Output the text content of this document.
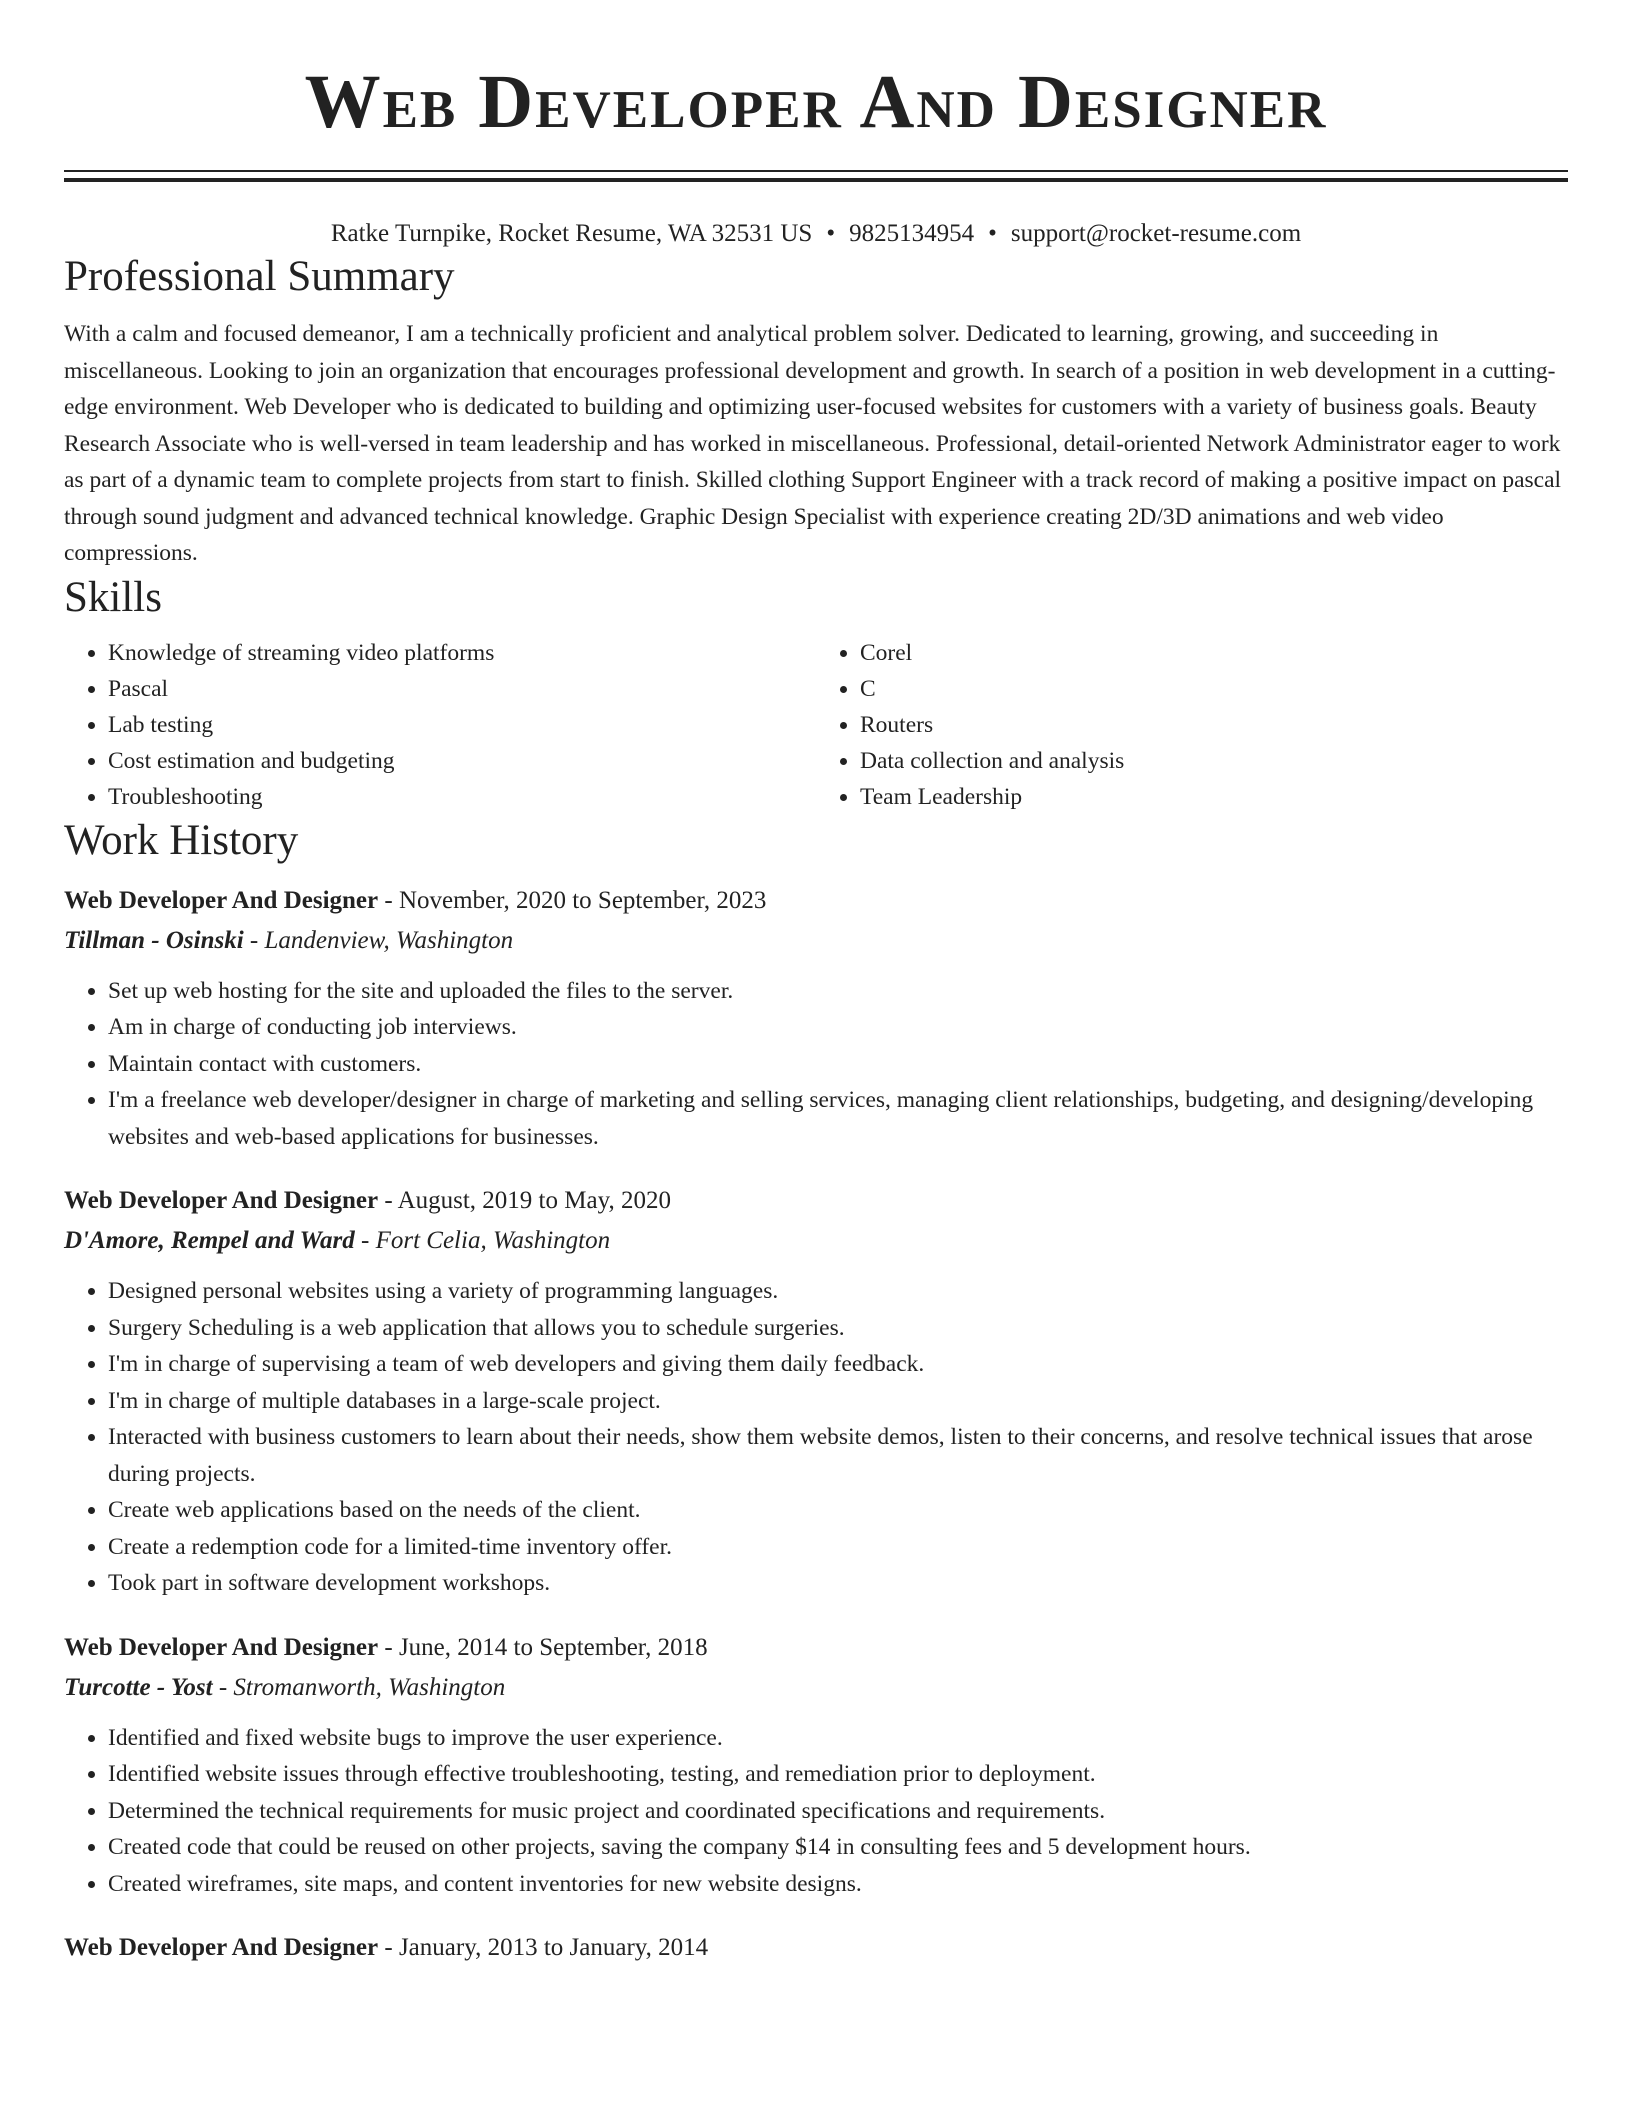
Web Developer And Designer
Ratke Turnpike, Rocket Resume, WA 32531 US • 9825134954 • support@rocket-resume.com
Professional Summary
With a calm and focused demeanor, I am a technically proficient and analytical problem solver. Dedicated to learning, growing, and succeeding in miscellaneous. Looking to join an organization that encourages professional development and growth. In search of a position in web development in a cutting-edge environment. Web Developer who is dedicated to building and optimizing user-focused websites for customers with a variety of business goals. Beauty Research Associate who is well-versed in team leadership and has worked in miscellaneous. Professional, detail-oriented Network Administrator eager to work as part of a dynamic team to complete projects from start to finish. Skilled clothing Support Engineer with a track record of making a positive impact on pascal through sound judgment and advanced technical knowledge. Graphic Design Specialist with experience creating 2D/3D animations and web video compressions.
Skills
• Knowledge of streaming video platforms
• Pascal
• Lab testing
• Cost estimation and budgeting
• Troubleshooting
• Corel
• C
• Routers
• Data collection and analysis
• Team Leadership
Work History
Web Developer And Designer - November, 2020 to September, 2023
Tillman - Osinski - Landenview, Washington
• Set up web hosting for the site and uploaded the files to the server.
• Am in charge of conducting job interviews.
• Maintain contact with customers.
• I'm a freelance web developer/designer in charge of marketing and selling services, managing client relationships, budgeting, and designing/developing websites and web-based applications for businesses.
Web Developer And Designer - August, 2019 to May, 2020
D'Amore, Rempel and Ward - Fort Celia, Washington
• Designed personal websites using a variety of programming languages.
• Surgery Scheduling is a web application that allows you to schedule surgeries.
• I'm in charge of supervising a team of web developers and giving them daily feedback.
• I'm in charge of multiple databases in a large-scale project.
• Interacted with business customers to learn about their needs, show them website demos, listen to their concerns, and resolve technical issues that arose during projects.
• Create web applications based on the needs of the client.
• Create a redemption code for a limited-time inventory offer.
• Took part in software development workshops.
Web Developer And Designer - June, 2014 to September, 2018
Turcotte - Yost - Stromanworth, Washington
• Identified and fixed website bugs to improve the user experience.
• Identified website issues through effective troubleshooting, testing, and remediation prior to deployment.
• Determined the technical requirements for music project and coordinated specifications and requirements.
• Created code that could be reused on other projects, saving the company $14 in consulting fees and 5 development hours.
• Created wireframes, site maps, and content inventories for new website designs.
Web Developer And Designer - January, 2013 to January, 2014
